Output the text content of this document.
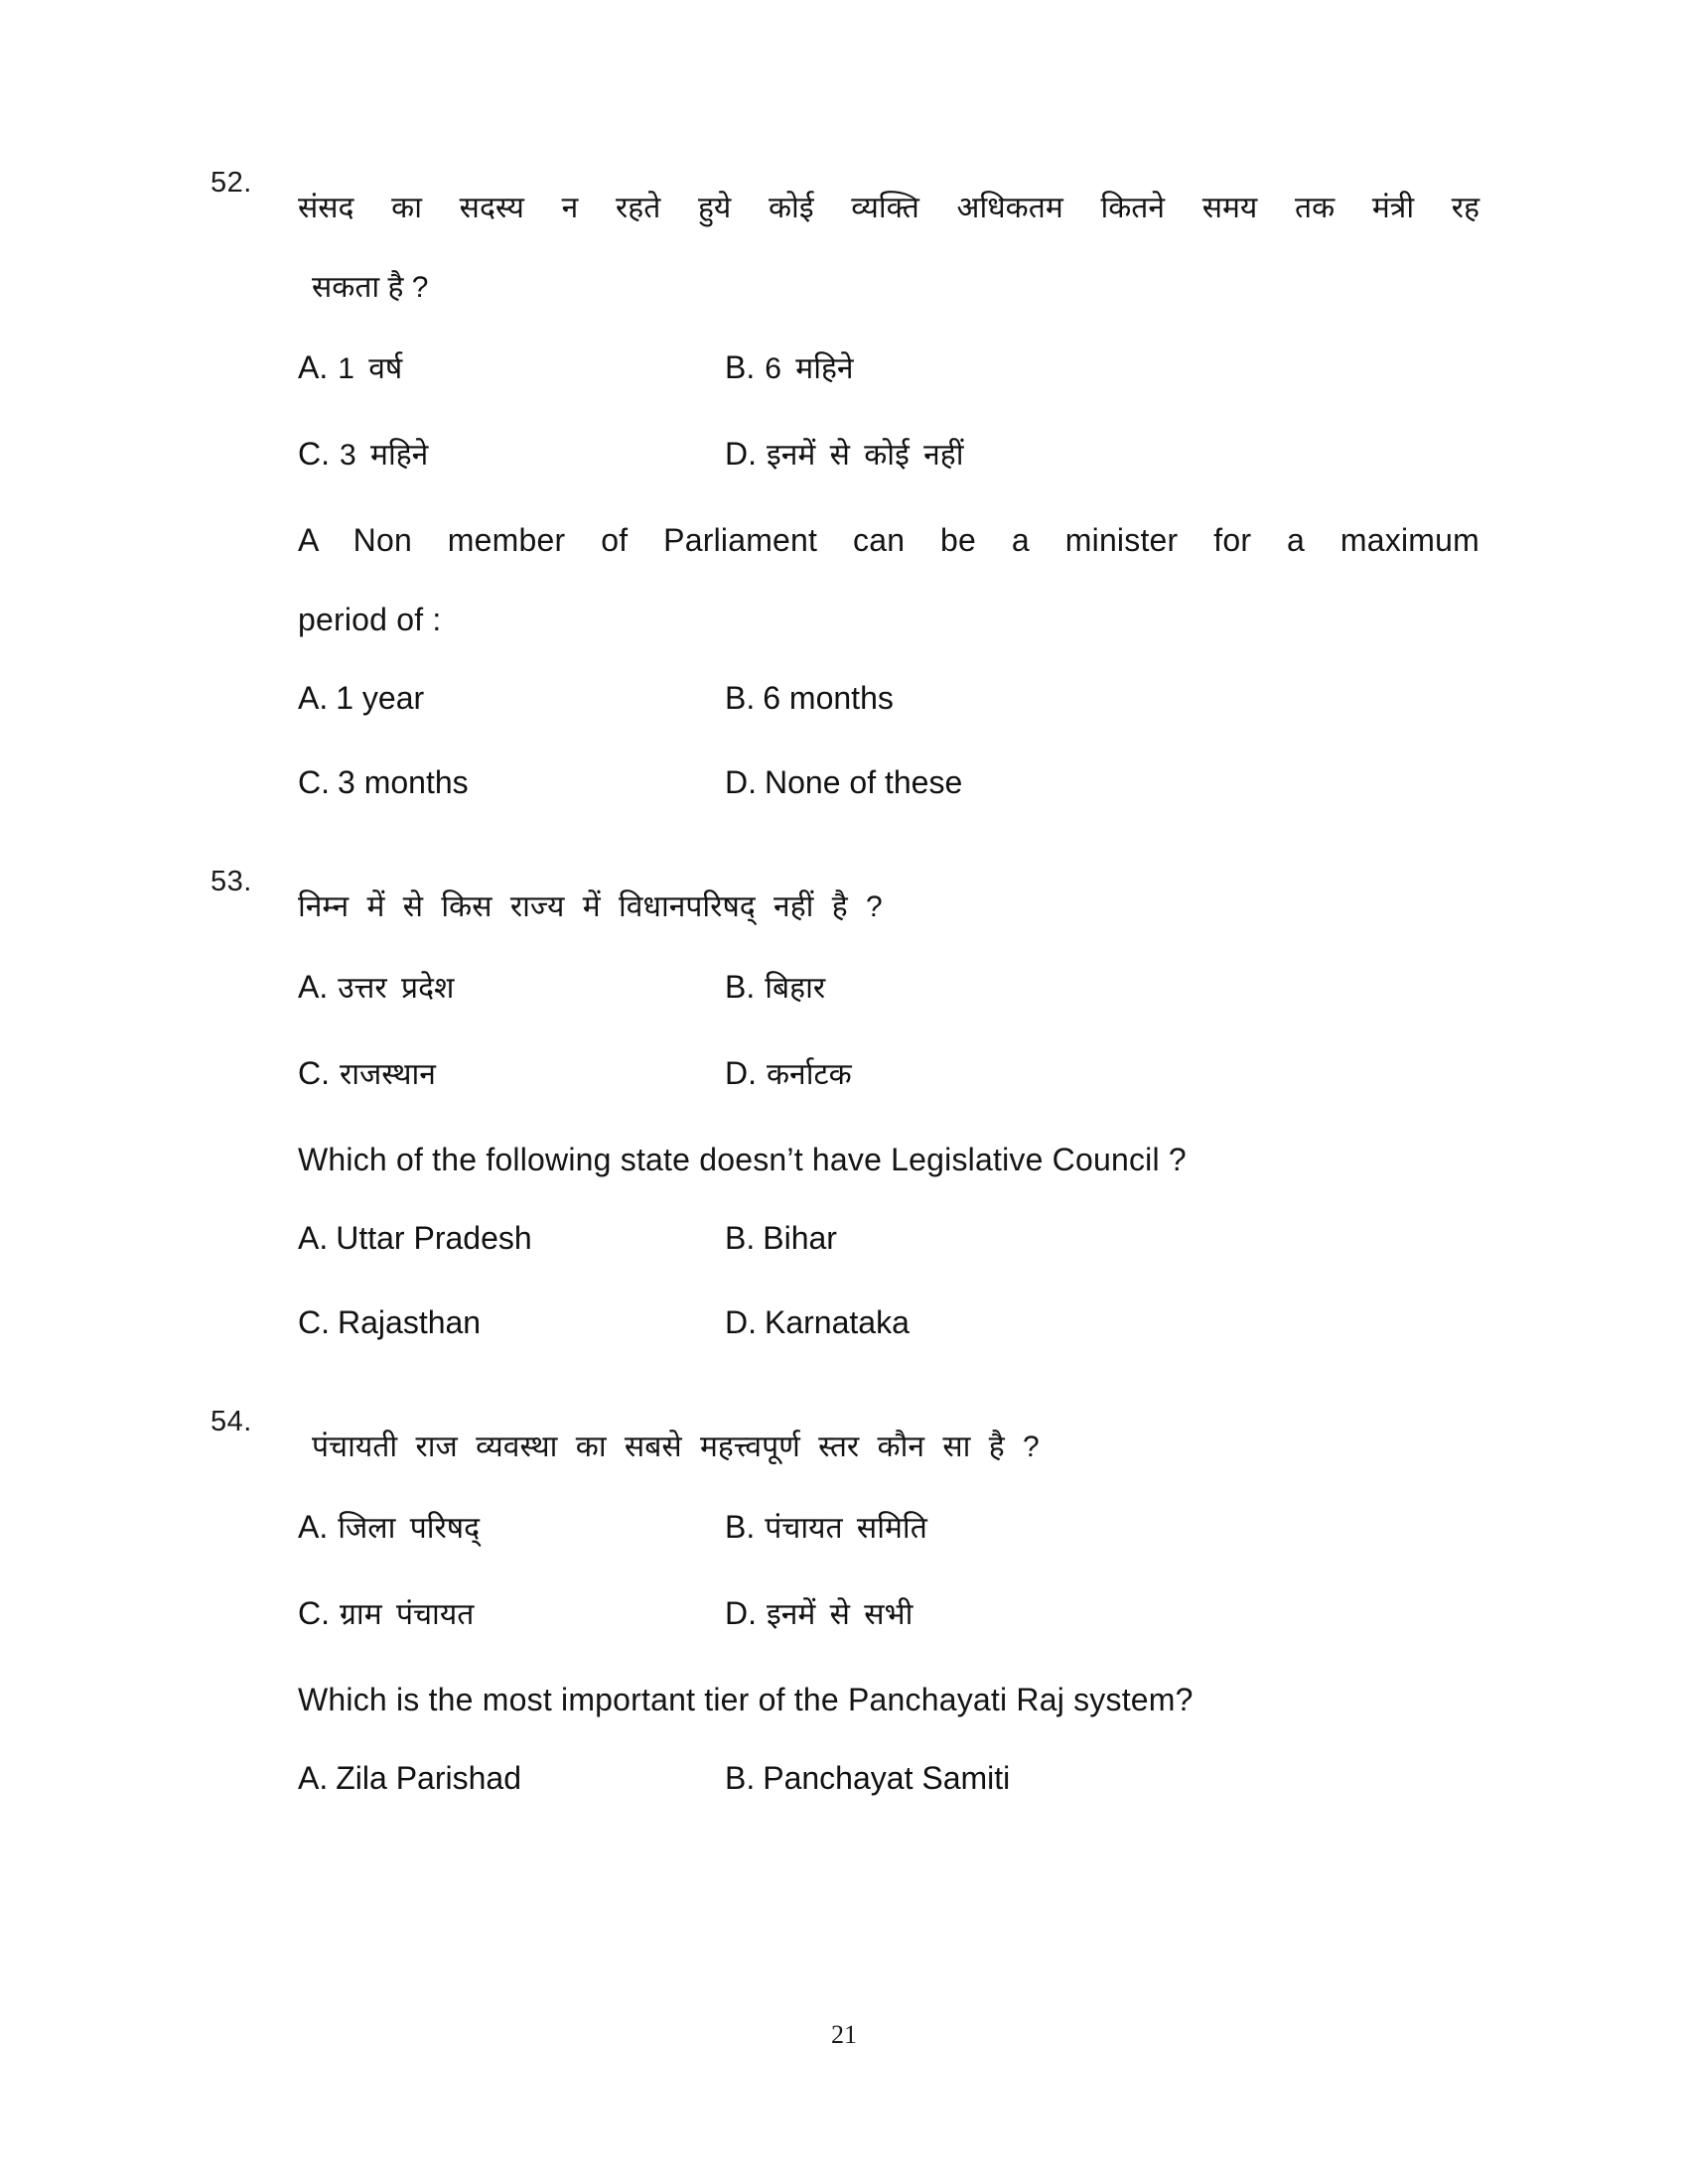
52.
संसद का सदस्य न रहते हुये कोई व्यक्ति अधिकतम कितने समय तक मंत्री रह
सकता है ?
A. 1 वर्ष	B. 6 महिने
C. 3 महिने	D. इनमें से कोई नहीं
A Non member of Parliament can be a minister for a maximum
period of :
A. 1 year	B. 6 months
C. 3 months	D. None of these
53.
निम्न में से किस राज्य में विधानपरिषद् नहीं है ?
A. उत्तर प्रदेश	B. बिहार
C. राजस्थान	D. कर्नाटक
Which of the following state doesn’t have Legislative Council ?
A. Uttar Pradesh	B. Bihar
C. Rajasthan	D. Karnataka
54.
पंचायती राज व्यवस्था का सबसे महत्त्वपूर्ण स्तर कौन सा है ?
A. जिला परिषद्	B. पंचायत समिति
C. ग्राम पंचायत	D. इनमें से सभी
Which is the most important tier of the Panchayati Raj system?
A. Zila Parishad	B. Panchayat Samiti
21
